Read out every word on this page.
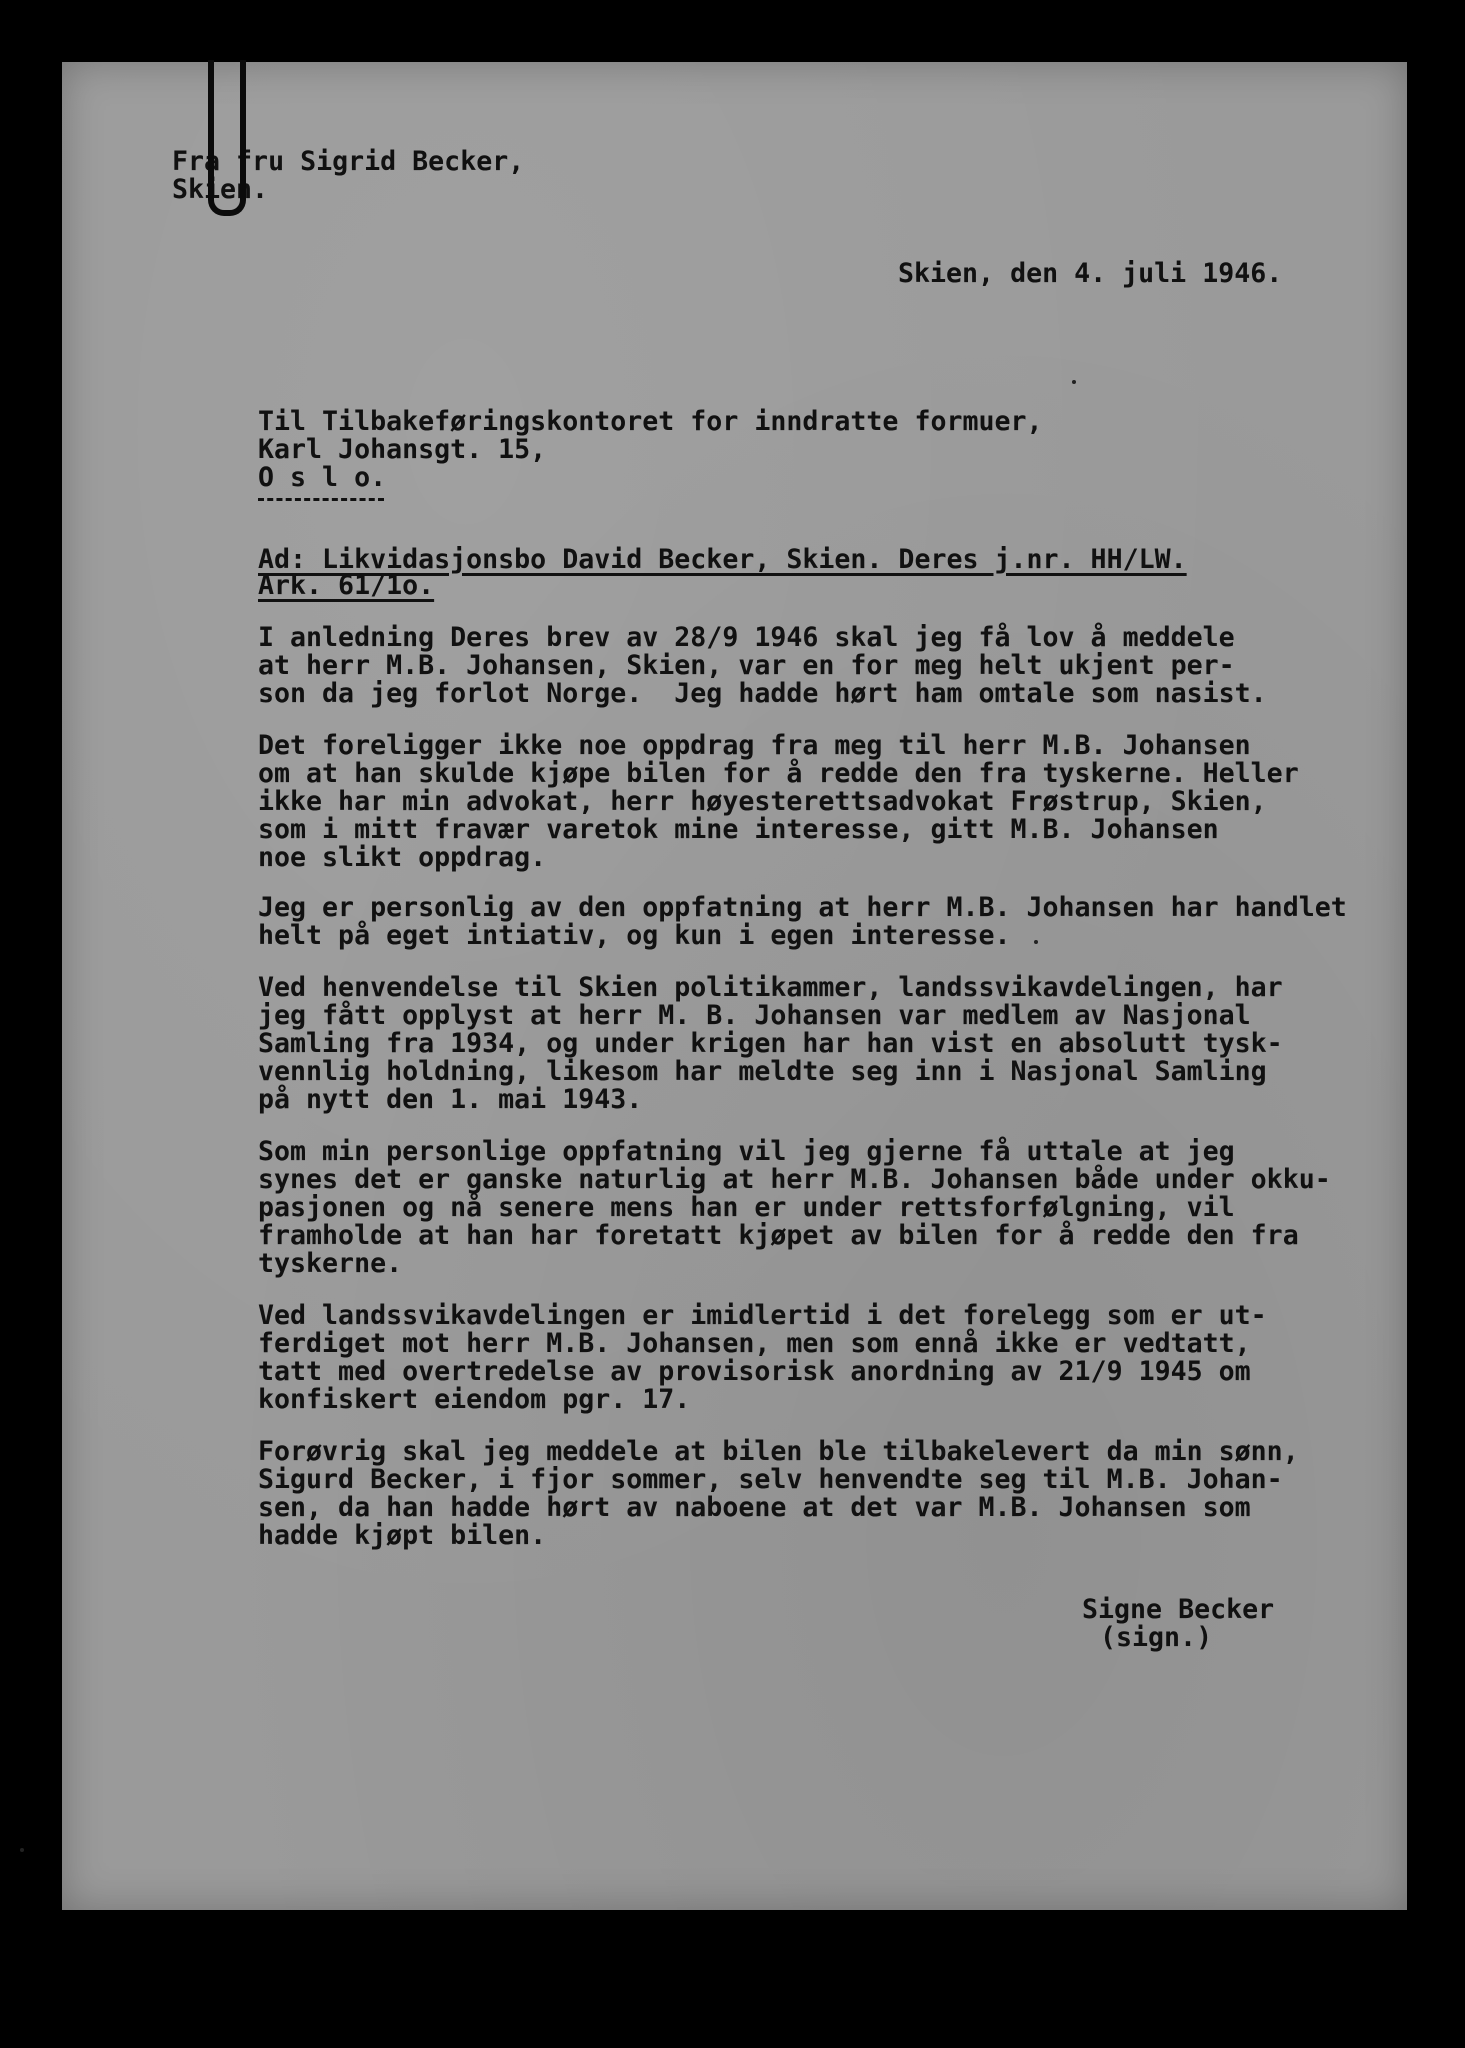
Fra fru Sigrid Becker,
Skien.
Skien, den 4. juli 1946.
Til Tilbakeføringskontoret for inndratte formuer,
Karl Johansgt. 15,
O s l o.
Ad: Likvidasjonsbo David Becker, Skien. Deres j.nr. HH/LW.
Ark. 61/1o.
I anledning Deres brev av 28/9 1946 skal jeg få lov å meddele
at herr M.B. Johansen, Skien, var en for meg helt ukjent per-
son da jeg forlot Norge.  Jeg hadde hørt ham omtale som nasist.
Det foreligger ikke noe oppdrag fra meg til herr M.B. Johansen
om at han skulde kjøpe bilen for å redde den fra tyskerne. Heller
ikke har min advokat, herr høyesterettsadvokat Frøstrup, Skien,
som i mitt fravær varetok mine interesse, gitt M.B. Johansen
noe slikt oppdrag.
Jeg er personlig av den oppfatning at herr M.B. Johansen har handlet
helt på eget intiativ, og kun i egen interesse.
Ved henvendelse til Skien politikammer, landssvikavdelingen, har
jeg fått opplyst at herr M. B. Johansen var medlem av Nasjonal
Samling fra 1934, og under krigen har han vist en absolutt tysk-
vennlig holdning, likesom har meldte seg inn i Nasjonal Samling
på nytt den 1. mai 1943.
Som min personlige oppfatning vil jeg gjerne få uttale at jeg
synes det er ganske naturlig at herr M.B. Johansen både under okku-
pasjonen og nå senere mens han er under rettsforfølgning, vil
framholde at han har foretatt kjøpet av bilen for å redde den fra
tyskerne.
Ved landssvikavdelingen er imidlertid i det forelegg som er ut-
ferdiget mot herr M.B. Johansen, men som ennå ikke er vedtatt,
tatt med overtredelse av provisorisk anordning av 21/9 1945 om
konfiskert eiendom pgr. 17.
Forøvrig skal jeg meddele at bilen ble tilbakelevert da min sønn,
Sigurd Becker, i fjor sommer, selv henvendte seg til M.B. Johan-
sen, da han hadde hørt av naboene at det var M.B. Johansen som
hadde kjøpt bilen.
Signe Becker
(sign.)
